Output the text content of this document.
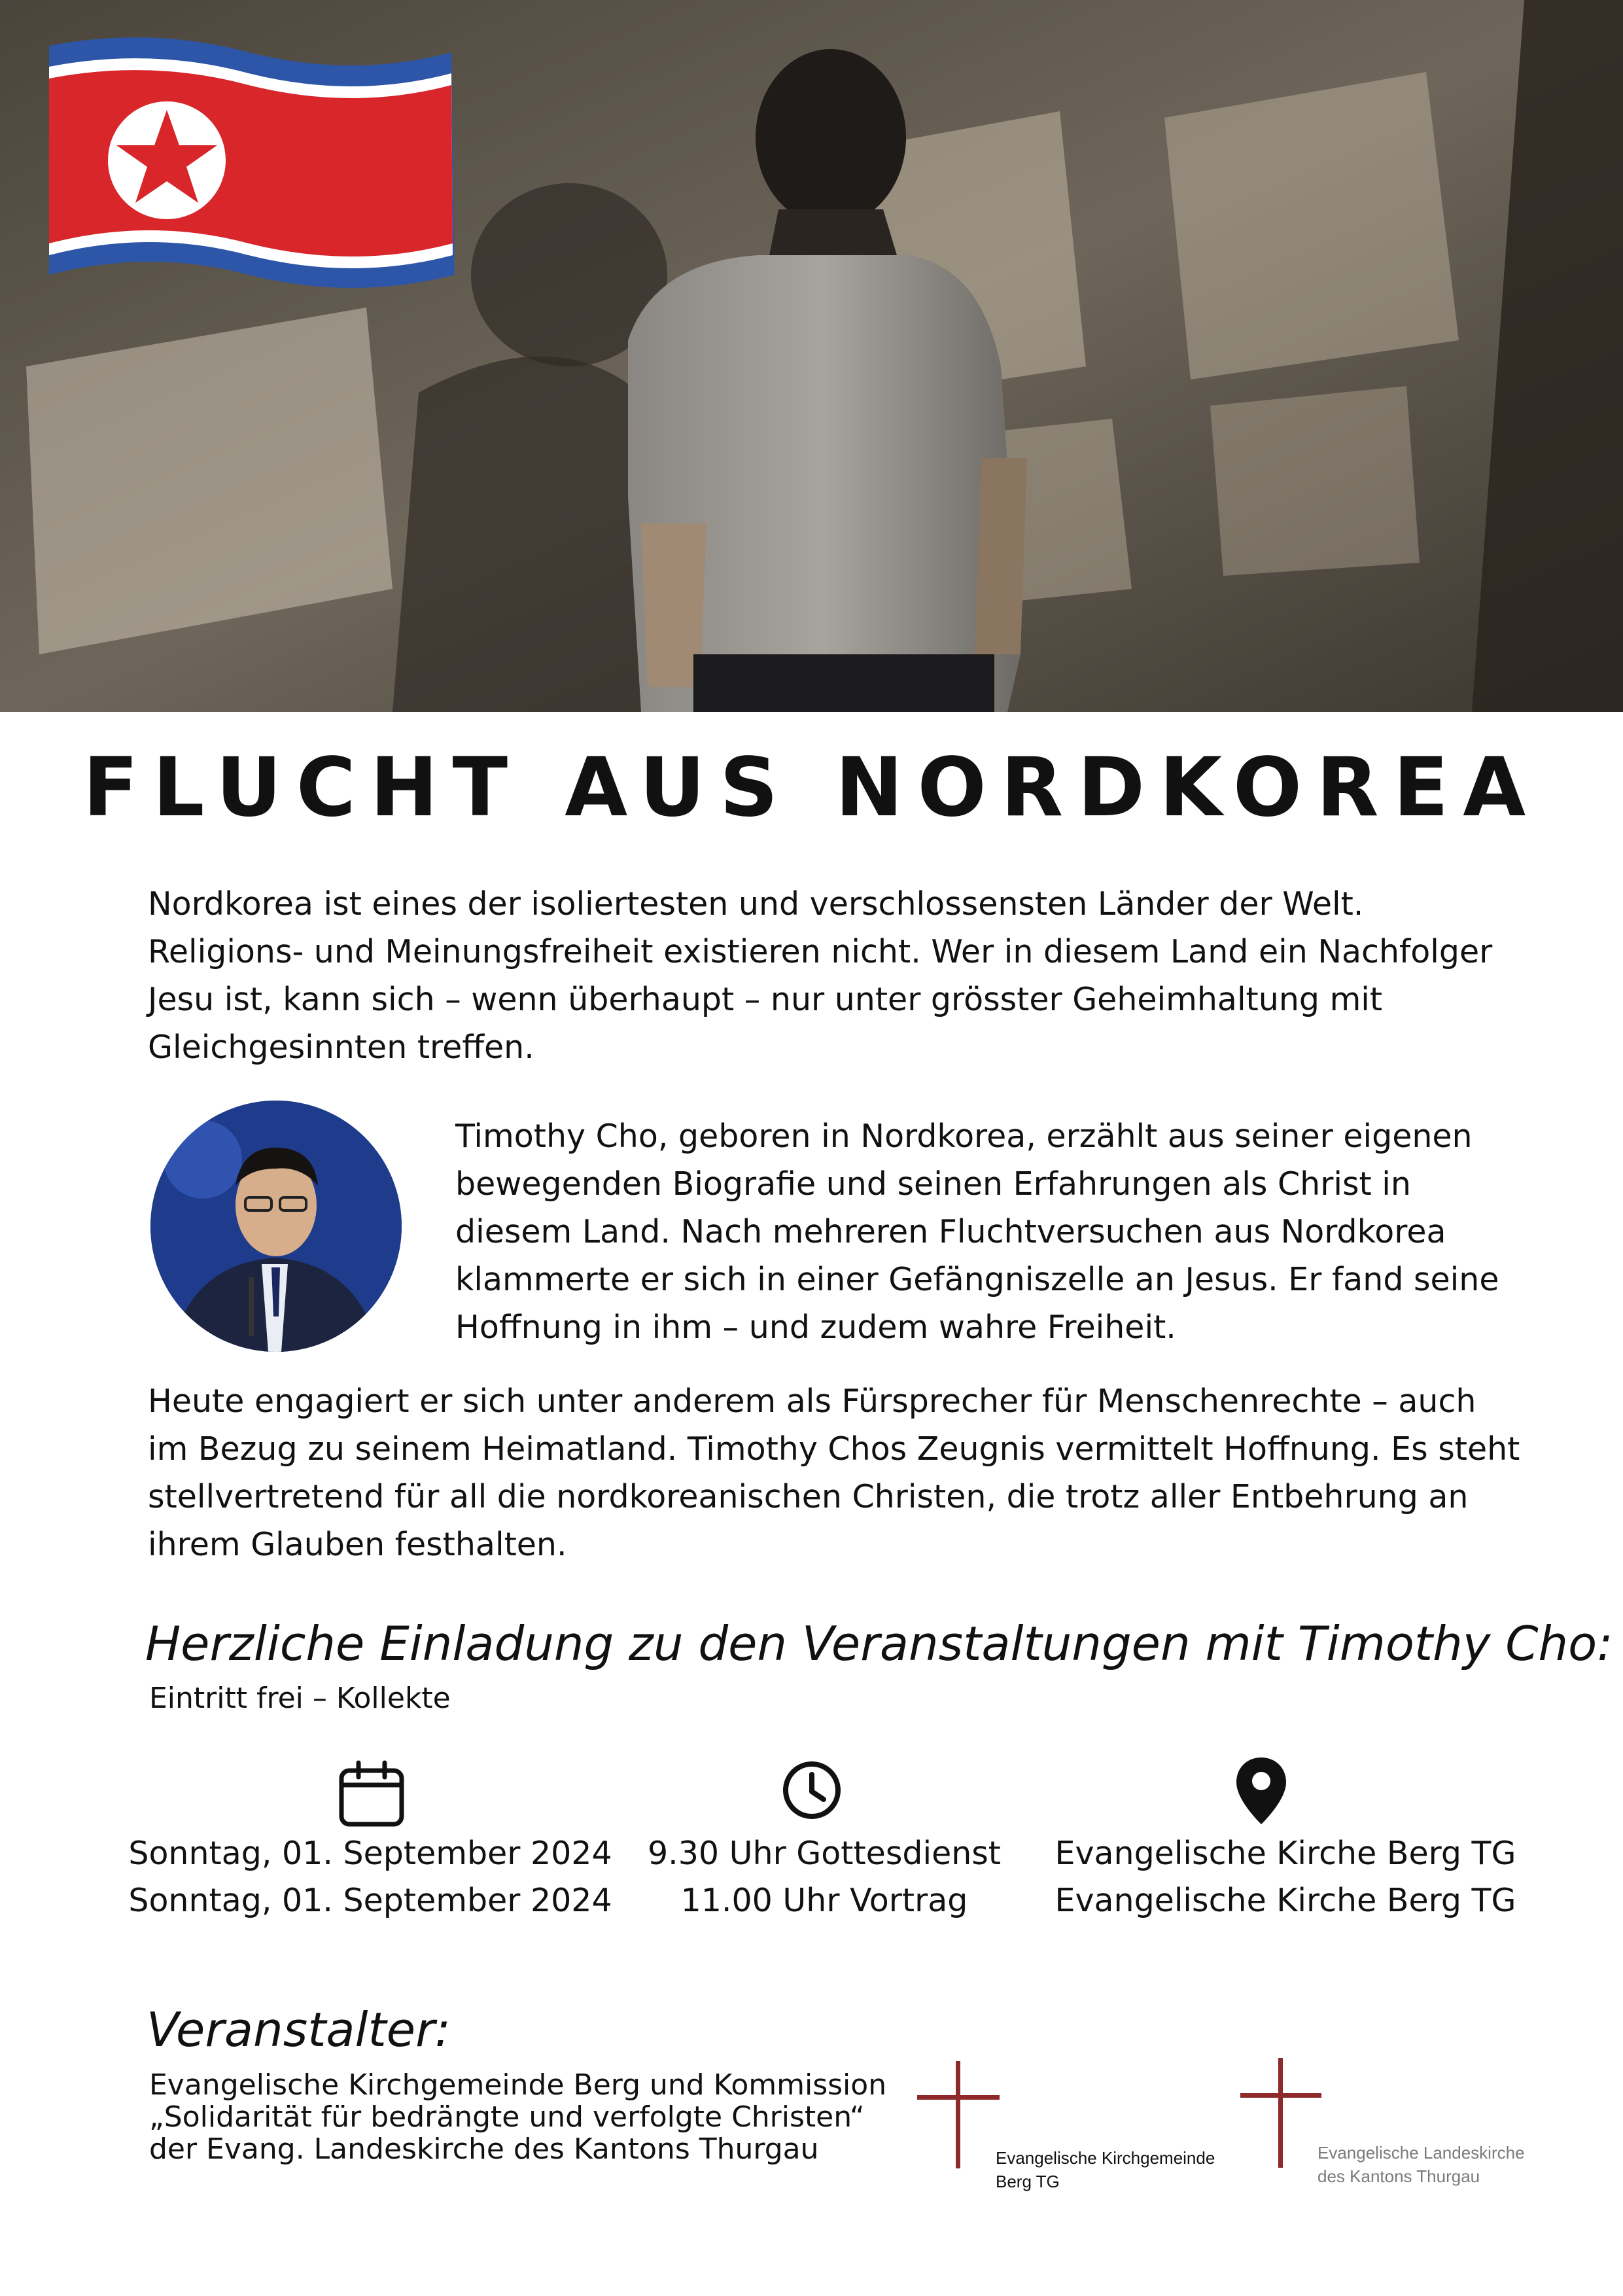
FLUCHT AUS NORDKOREA

Nordkorea ist eines der isoliertesten und verschlossensten Länder der Welt. Religions- und Meinungsfreiheit existieren nicht. Wer in diesem Land ein Nachfolger Jesu ist, kann sich – wenn überhaupt – nur unter grösster Geheimhaltung mit Gleichgesinnten treffen.

Timothy Cho, geboren in Nordkorea, erzählt aus seiner eigenen bewegenden Biografie und seinen Erfahrungen als Christ in diesem Land. Nach mehreren Fluchtversuchen aus Nordkorea klammerte er sich in einer Gefängniszelle an Jesus. Er fand seine Hoffnung in ihm – und zudem wahre Freiheit.

Heute engagiert er sich unter anderem als Fürsprecher für Menschenrechte – auch im Bezug zu seinem Heimatland. Timothy Chos Zeugnis vermittelt Hoffnung. Es steht stellvertretend für all die nordkoreanischen Christen, die trotz aller Entbehrung an ihrem Glauben festhalten.

Herzliche Einladung zu den Veranstaltungen mit Timothy Cho:
Eintritt frei – Kollekte
Sonntag, 01. September 2024
Sonntag, 01. September 2024
9.30 Uhr Gottesdienst
11.00 Uhr Vortrag
Evangelische Kirche Berg TG
Evangelische Kirche Berg TG
Veranstalter:
Evangelische Kirchgemeinde Berg und Kommission
„Solidarität für bedrängte und verfolgte Christen“
der Evang. Landeskirche des Kantons Thurgau	Evangelische Kirchgemeinde
Berg TG
Evangelische Landeskirche
des Kantons Thurgau
